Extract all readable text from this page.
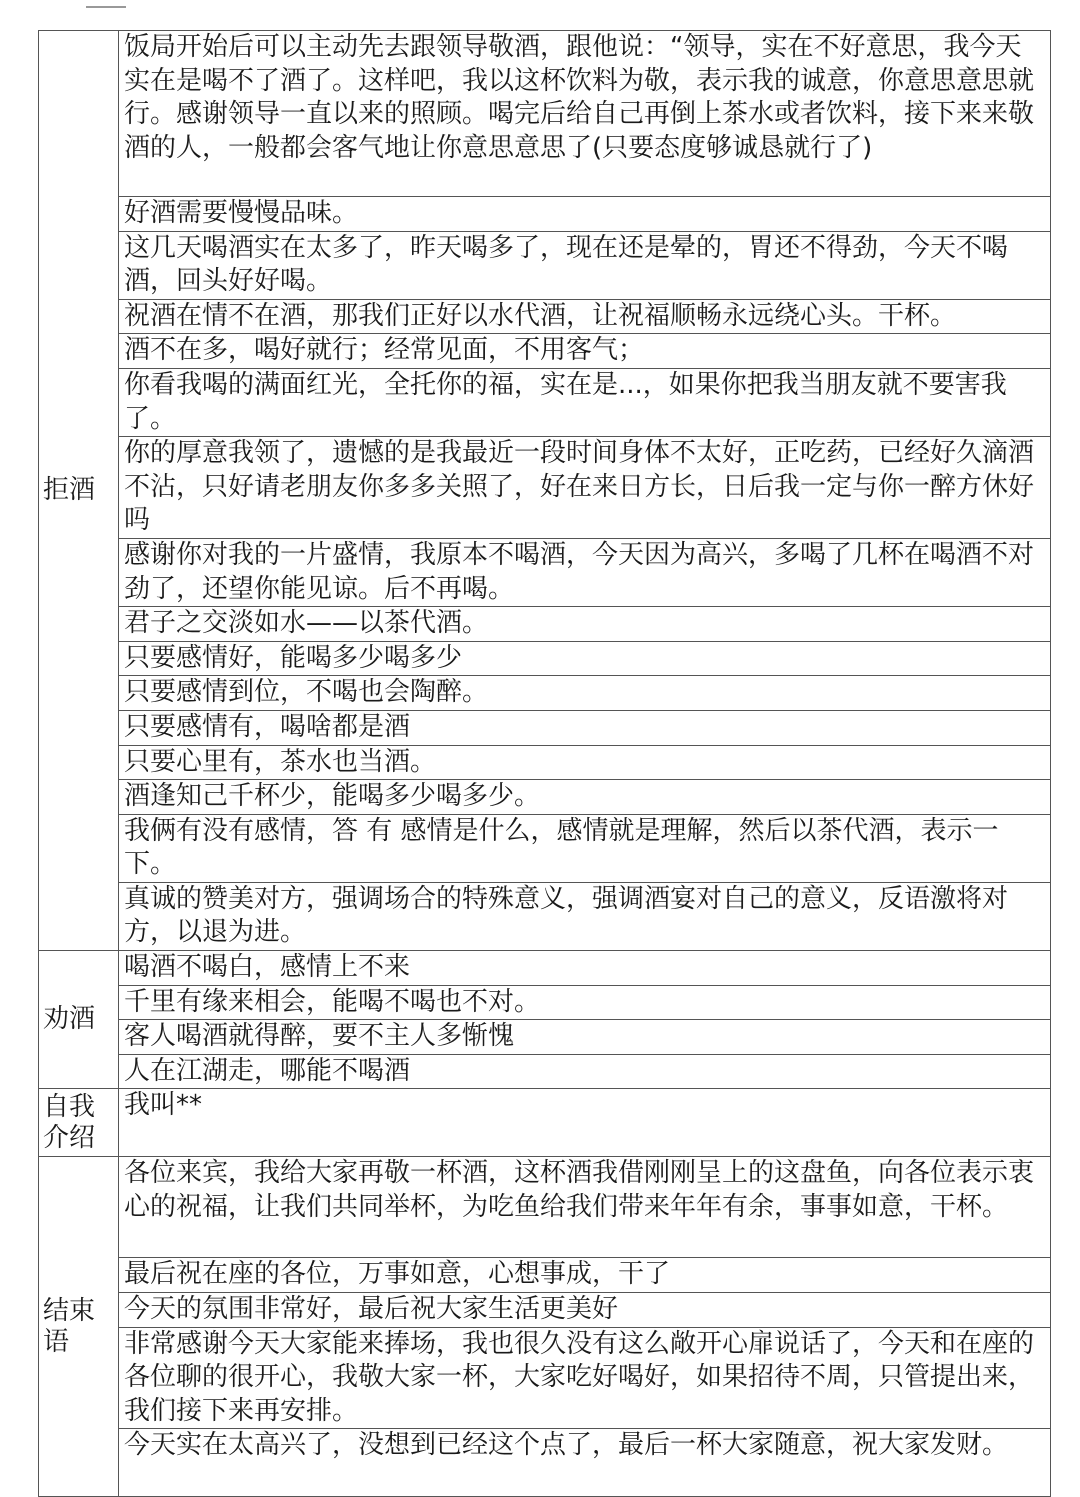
拒酒	饭局开始后可以主动先去跟领导敬酒，跟他说：“领导，实在不好意思，我今天实在是喝不了酒了。这样吧，我以这杯饮料为敬，表示我的诚意，你意思意思就行。感谢领导一直以来的照顾。喝完后给自己再倒上茶水或者饮料，接下来来敬酒的人，一般都会客气地让你意思意思了(只要态度够诚恳就行了)
	好酒需要慢慢品味。
	这几天喝酒实在太多了，昨天喝多了，现在还是晕的，胃还不得劲，今天不喝酒，回头好好喝。
	祝酒在情不在酒，那我们正好以水代酒，让祝福顺畅永远绕心头。干杯。
	酒不在多，喝好就行；经常见面，不用客气；
	你看我喝的满面红光，全托你的福，实在是...，如果你把我当朋友就不要害我了。
	你的厚意我领了，遗憾的是我最近一段时间身体不太好，正吃药，已经好久滴酒不沾，只好请老朋友你多多关照了，好在来日方长，日后我一定与你一醉方休好吗
	感谢你对我的一片盛情，我原本不喝酒，今天因为高兴，多喝了几杯在喝酒不对劲了，还望你能见谅。后不再喝。
	君子之交淡如水——以茶代酒。
	只要感情好，能喝多少喝多少
	只要感情到位，不喝也会陶醉。
	只要感情有，喝啥都是酒
	只要心里有，茶水也当酒。
	酒逢知己千杯少，能喝多少喝多少。
	我俩有没有感情，答 有 感情是什么，感情就是理解，然后以茶代酒，表示一下。
	真诚的赞美对方，强调场合的特殊意义，强调酒宴对自己的意义，反语激将对方，以退为进。
劝酒	喝酒不喝白，感情上不来
	千里有缘来相会，能喝不喝也不对。
	客人喝酒就得醉，要不主人多惭愧
	人在江湖走，哪能不喝酒
自我介绍	我叫**
结束语	各位来宾，我给大家再敬一杯酒，这杯酒我借刚刚呈上的这盘鱼，向各位表示衷心的祝福，让我们共同举杯，为吃鱼给我们带来年年有余，事事如意，干杯。
	最后祝在座的各位，万事如意，心想事成，干了
	今天的氛围非常好，最后祝大家生活更美好
	非常感谢今天大家能来捧场，我也很久没有这么敞开心扉说话了，今天和在座的各位聊的很开心，我敬大家一杯，大家吃好喝好，如果招待不周，只管提出来，我们接下来再安排。
	今天实在太高兴了，没想到已经这个点了，最后一杯大家随意，祝大家发财。
